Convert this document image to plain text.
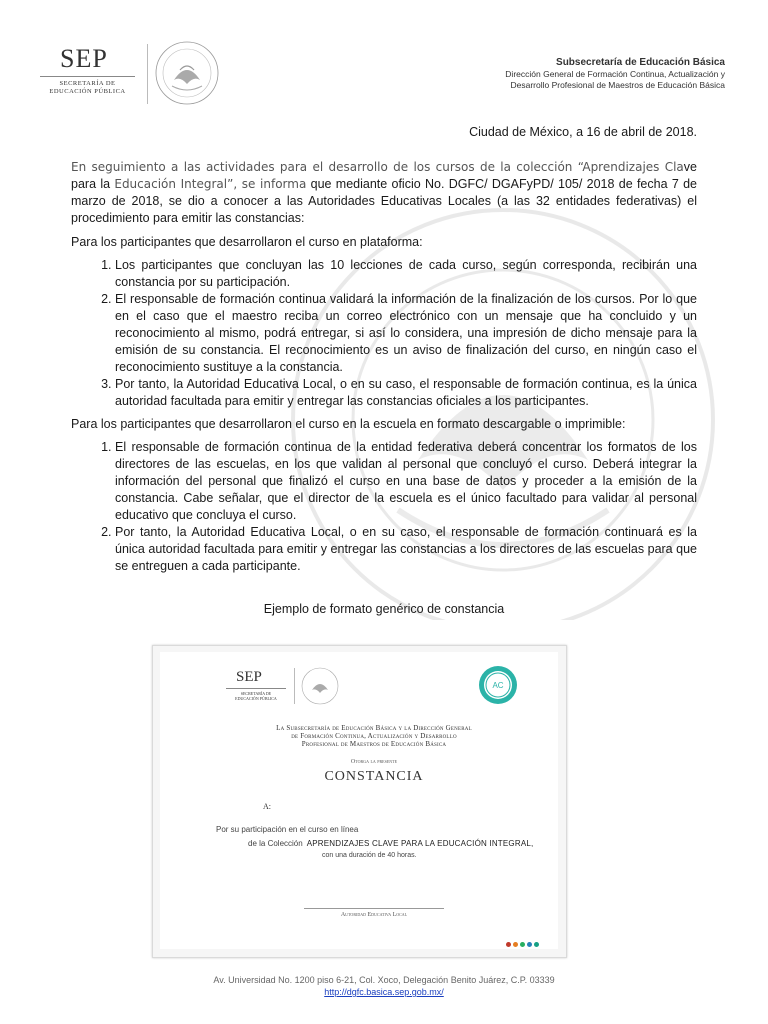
SEP
SECRETARÍA DE
EDUCACIÓN PÚBLICA
Subsecretaría de Educación Básica
Dirección General de Formación Continua, Actualización y
Desarrollo Profesional de Maestros de Educación Básica
Ciudad de México, a 16 de abril de 2018.

En seguimiento a las actividades para el desarrollo de los cursos de la colección “Aprendizajes Clave para la Educación Integral”, se informa que mediante oficio No. DGFC/ DGAFyPD/ 105/ 2018 de fecha 7 de marzo de 2018, se dio a conocer a las Autoridades Educativas Locales (a las 32 entidades federativas) el procedimiento para emitir las constancias:

Para los participantes que desarrollaron el curso en plataforma:

1. Los participantes que concluyan las 10 lecciones de cada curso, según corresponda, recibirán una constancia por su participación.
2. El responsable de formación continua validará la información de la finalización de los cursos. Por lo que en el caso que el maestro reciba un correo electrónico con un mensaje que ha concluido y un reconocimiento al mismo, podrá entregar, si así lo considera, una impresión de dicho mensaje para la emisión de su constancia. El reconocimiento es un aviso de finalización del curso, en ningún caso el reconocimiento sustituye a la constancia.
3. Por tanto, la Autoridad Educativa Local, o en su caso, el responsable de formación continua, es la única autoridad facultada para emitir y entregar las constancias oficiales a los participantes.

Para los participantes que desarrollaron el curso en la escuela en formato descargable o imprimible:

1. El responsable de formación continua de la entidad federativa deberá concentrar los formatos de los directores de las escuelas, en los que validan al personal que concluyó el curso. Deberá integrar la información del personal que finalizó el curso en una base de datos y proceder a la emisión de la constancia. Cabe señalar, que el director de la escuela es el único facultado para validar al personal educativo que concluya el curso.
2. Por tanto, la Autoridad Educativa Local, o en su caso, el responsable de formación continuará es la única autoridad facultada para emitir y entregar las constancias a los directores de las escuelas para que se entreguen a cada participante.
Ejemplo de formato genérico de constancia
SEP
SECRETARÍA DE
EDUCACIÓN PÚBLICA
AC
La Subsecretaría de Educación Básica y la Dirección General
de Formación Continua, Actualización y Desarrollo
Profesional de Maestros de Educación Básica
Otorga la presente
CONSTANCIA
A:
Por su participación en el curso en línea
de la Colección APRENDIZAJES CLAVE PARA LA EDUCACIÓN INTEGRAL,
con una duración de 40 horas.
Autoridad Educativa Local
Av. Universidad No. 1200 piso 6-21, Col. Xoco, Delegación Benito Juárez, C.P. 03339
http://dgfc.basica.sep.gob.mx/
